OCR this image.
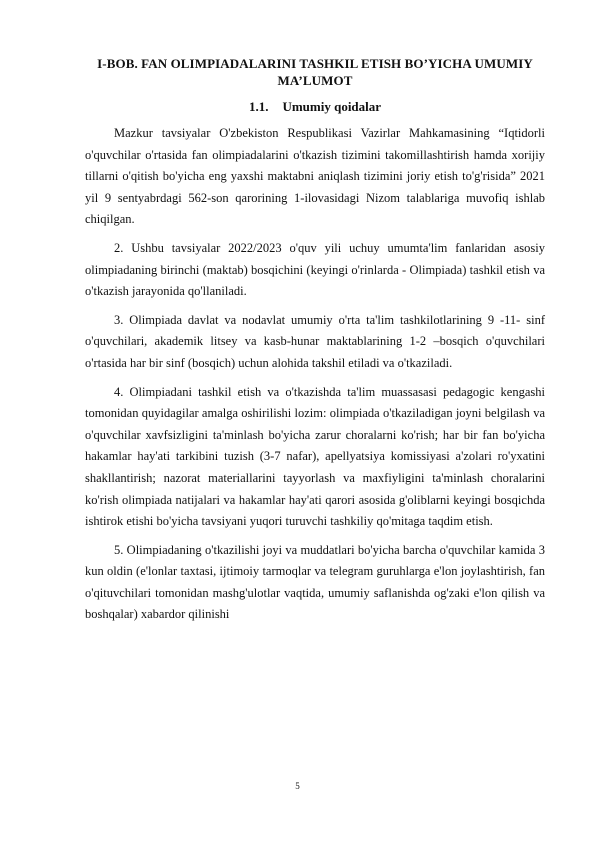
I-BOB. FAN OLIMPIADALARINI TASHKIL ETISH BO’YICHA UMUMIY MA’LUMOT
1.1. Umumiy qoidalar

Mazkur tavsiyalar O'zbekiston Respublikasi Vazirlar Mahkamasining “Iqtidorli o'quvchilar o'rtasida fan olimpiadalarini o'tkazish tizimini takomillashtirish hamda xorijiy tillarni o'qitish bo'yicha eng yaxshi maktabni aniqlash tizimini joriy etish to'g'risida” 2021 yil 9 sentyabrdagi 562-son qarorining 1-ilovasidagi Nizom talablariga muvofiq ishlab chiqilgan.

2. Ushbu tavsiyalar 2022/2023 o'quv yili uchuy umumta'lim fanlaridan asosiy olimpiadaning birinchi (maktab) bosqichini (keyingi o'rinlarda - Olimpiada) tashkil etish va o'tkazish jarayonida qo'llaniladi.

3. Olimpiada davlat va nodavlat umumiy o'rta ta'lim tashkilotlarining 9 -11- sinf o'quvchilari, akademik litsey va kasb-hunar maktablarining 1-2 –bosqich o'quvchilari o'rtasida har bir sinf (bosqich) uchun alohida takshil etiladi va o'tkaziladi.

4. Olimpiadani tashkil etish va o'tkazishda ta'lim muassasasi pedagogic kengashi tomonidan quyidagilar amalga oshirilishi lozim: olimpiada o'tkaziladigan joyni belgilash va o'quvchilar xavfsizligini ta'minlash bo'yicha zarur choralarni ko'rish; har bir fan bo'yicha hakamlar hay'ati tarkibini tuzish (3-7 nafar), apellyatsiya komissiyasi a'zolari ro'yxatini shakllantirish; nazorat materiallarini tayyorlash va maxfiyligini ta'minlash choralarini ko'rish olimpiada natijalari va hakamlar hay'ati qarori asosida g'oliblarni keyingi bosqichda ishtirok etishi bo'yicha tavsiyani yuqori turuvchi tashkiliy qo'mitaga taqdim etish.

5. Olimpiadaning o'tkazilishi joyi va muddatlari bo'yicha barcha o'quvchilar kamida 3 kun oldin (e'lonlar taxtasi, ijtimoiy tarmoqlar va telegram guruhlarga e'lon joylashtirish, fan o'qituvchilari tomonidan mashg'ulotlar vaqtida, umumiy saflanishda og'zaki e'lon qilish va boshqalar) xabardor qilinishi

5
